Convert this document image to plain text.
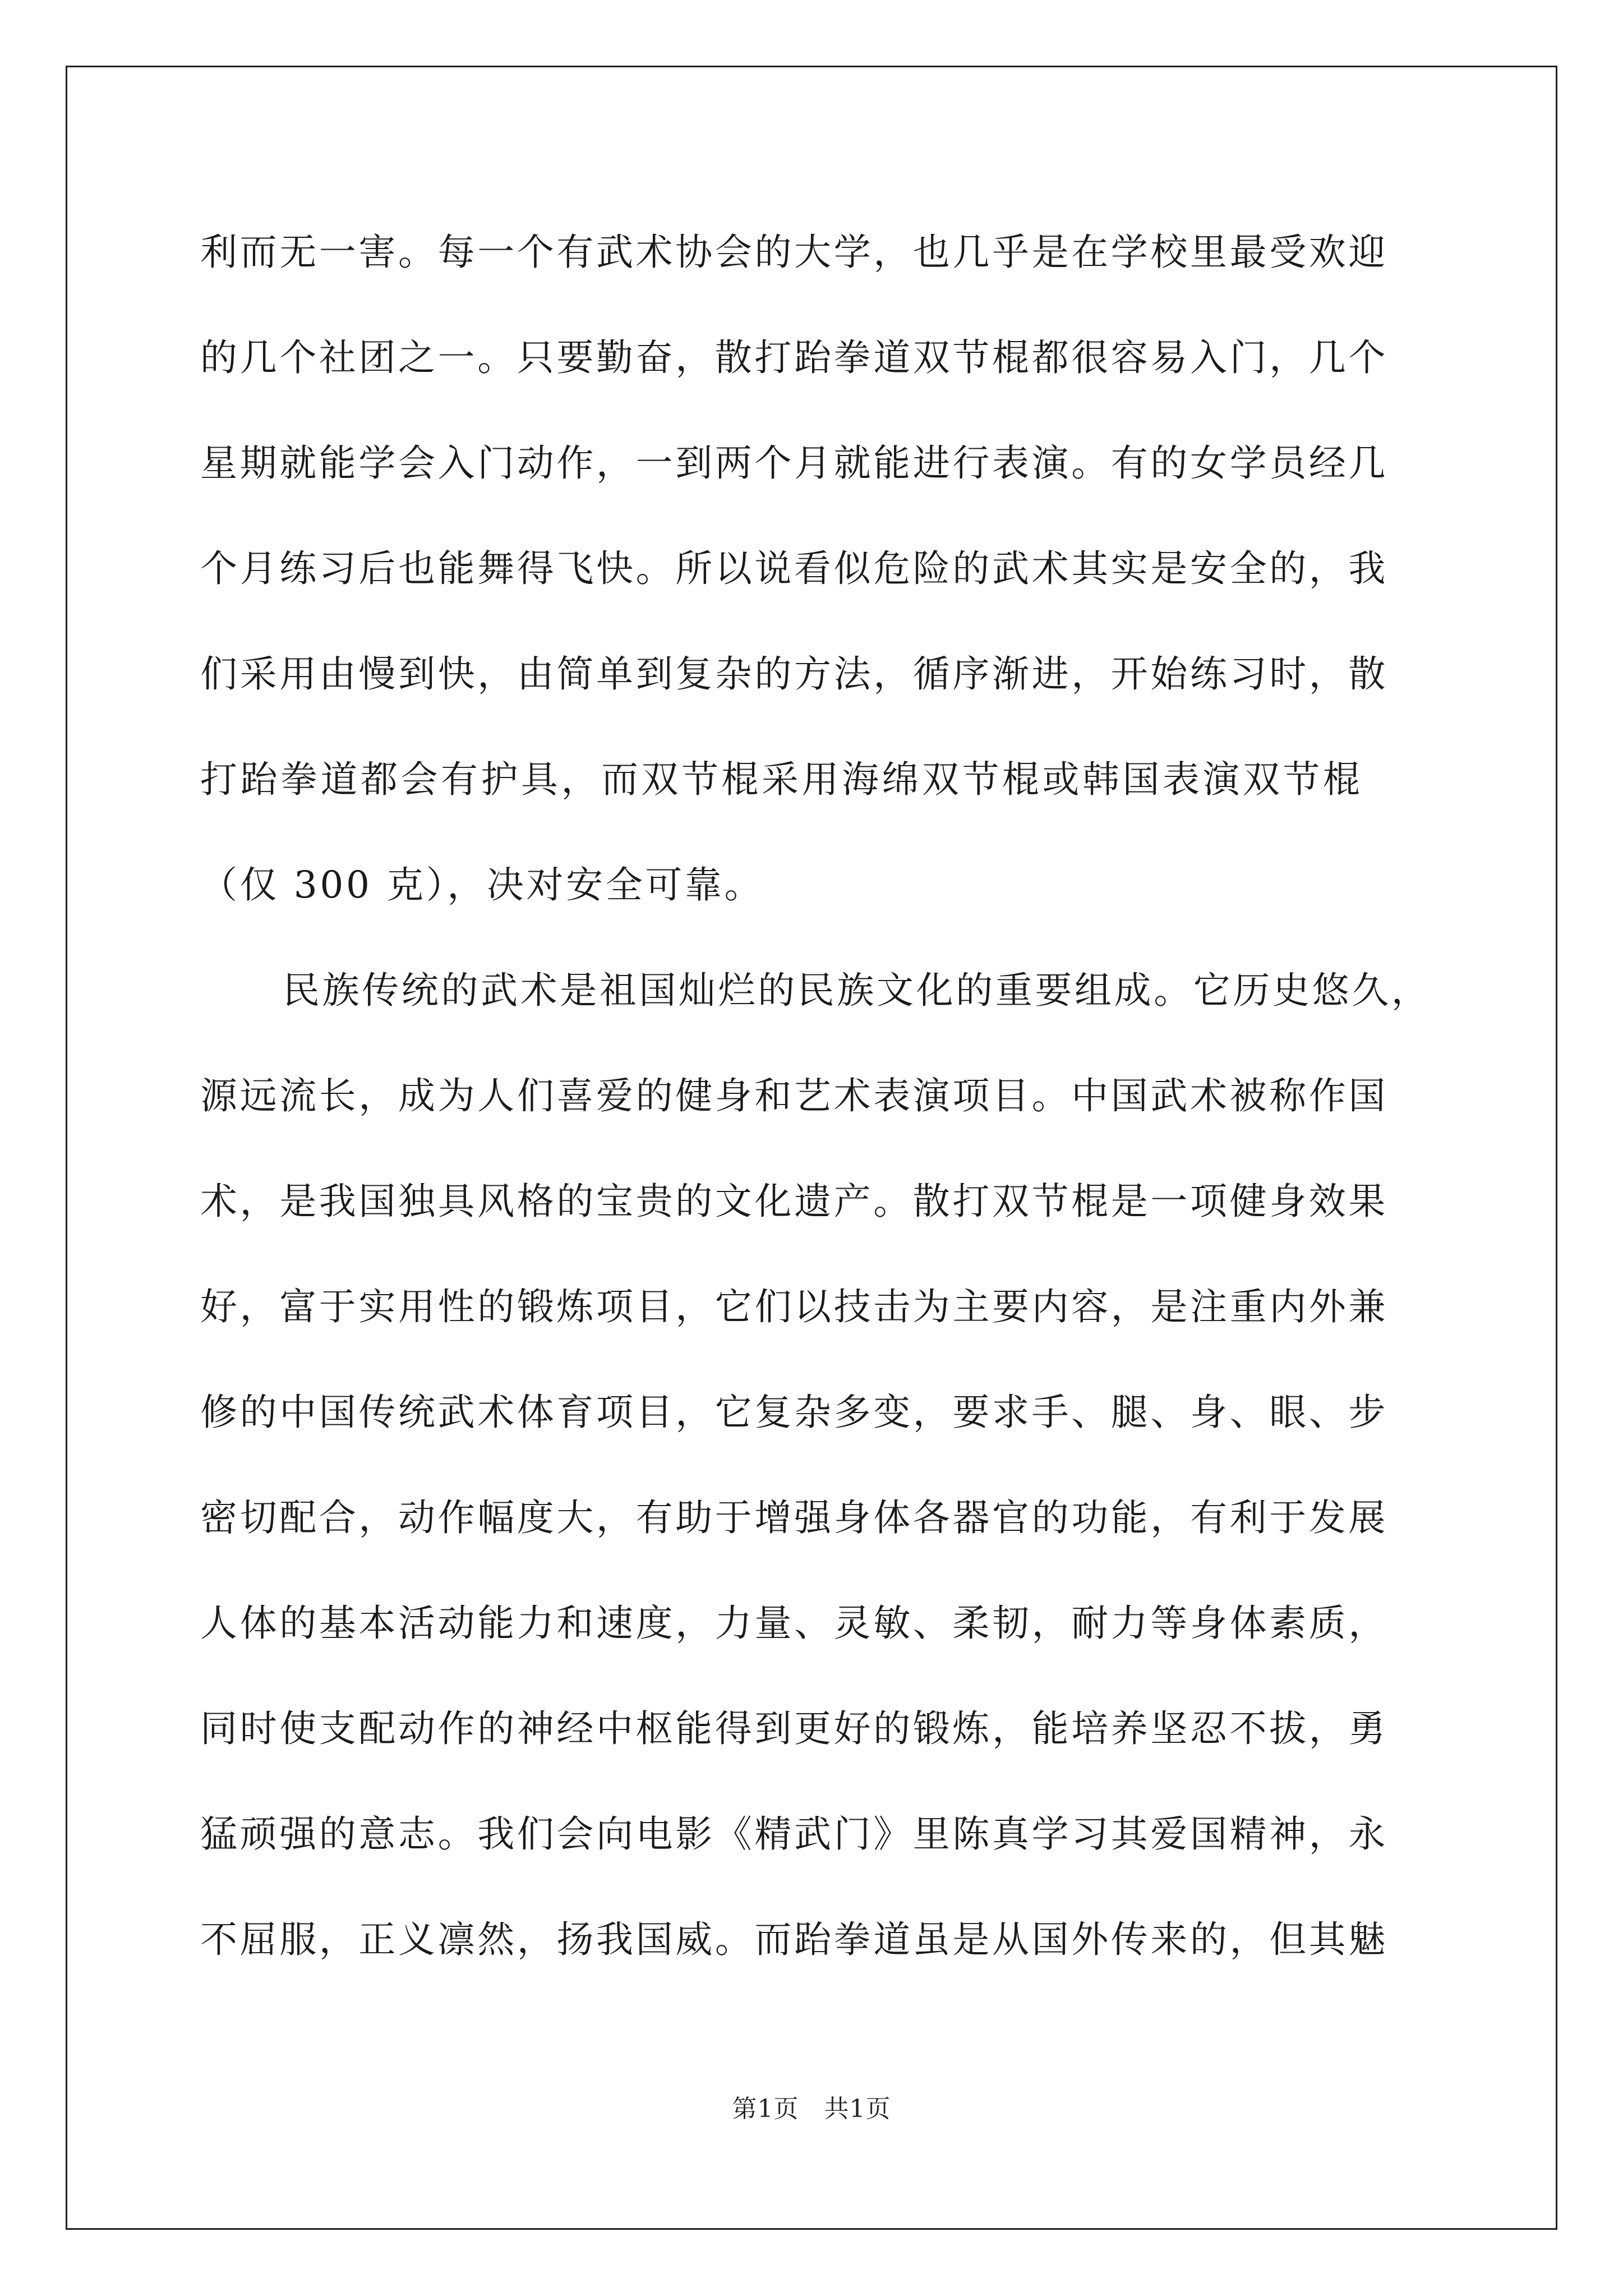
利而无一害。每一个有武术协会的大学，也几乎是在学校里最受欢迎
的几个社团之一。只要勤奋，散打跆拳道双节棍都很容易入门，几个
星期就能学会入门动作，一到两个月就能进行表演。有的女学员经几
个月练习后也能舞得飞快。所以说看似危险的武术其实是安全的，我
们采用由慢到快，由简单到复杂的方法，循序渐进，开始练习时，散
打跆拳道都会有护具，而双节棍采用海绵双节棍或韩国表演双节棍
（仅 300 克），决对安全可靠。
民族传统的武术是祖国灿烂的民族文化的重要组成。它历史悠久，
源远流长，成为人们喜爱的健身和艺术表演项目。中国武术被称作国
术，是我国独具风格的宝贵的文化遗产。散打双节棍是一项健身效果
好，富于实用性的锻炼项目，它们以技击为主要内容，是注重内外兼
修的中国传统武术体育项目，它复杂多变，要求手、腿、身、眼、步
密切配合，动作幅度大，有助于增强身体各器官的功能，有利于发展
人体的基本活动能力和速度，力量、灵敏、柔韧，耐力等身体素质，
同时使支配动作的神经中枢能得到更好的锻炼，能培养坚忍不拔，勇
猛顽强的意志。我们会向电影《精武门》里陈真学习其爱国精神，永
不屈服，正义凛然，扬我国威。而跆拳道虽是从国外传来的，但其魅
第1页　共1页
